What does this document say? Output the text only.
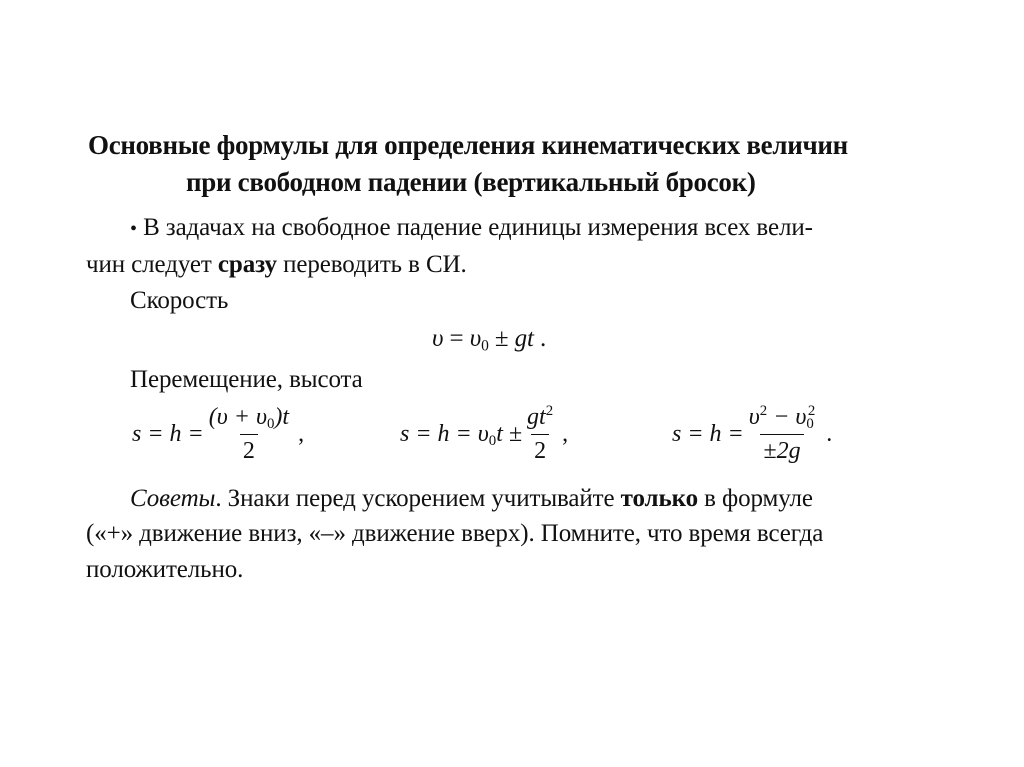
Основные формулы для определения кинематических величин
при свободном падении (вертикальный бросок)
• В задачах на свободное падение единицы измерения всех вели-
чин следует сразу переводить в СИ.
Скорость
$\upsilon = \upsilon_0$ ± gt .
Перемещение, высота
$s = h = \frac{(\upsilon + \upsilon_0)t}{2}$ ,	$s = h = \upsilon_0t \pm \frac{gt^2}{2}$ ,	$s = h = \frac{\upsilon^2 - \upsilon_0^2}{\pm 2g}$ .
Советы. Знаки перед ускорением учитывайте только в формуле
(«+» движение вниз, «–» движение вверх). Помните, что время всегда
положительно.
